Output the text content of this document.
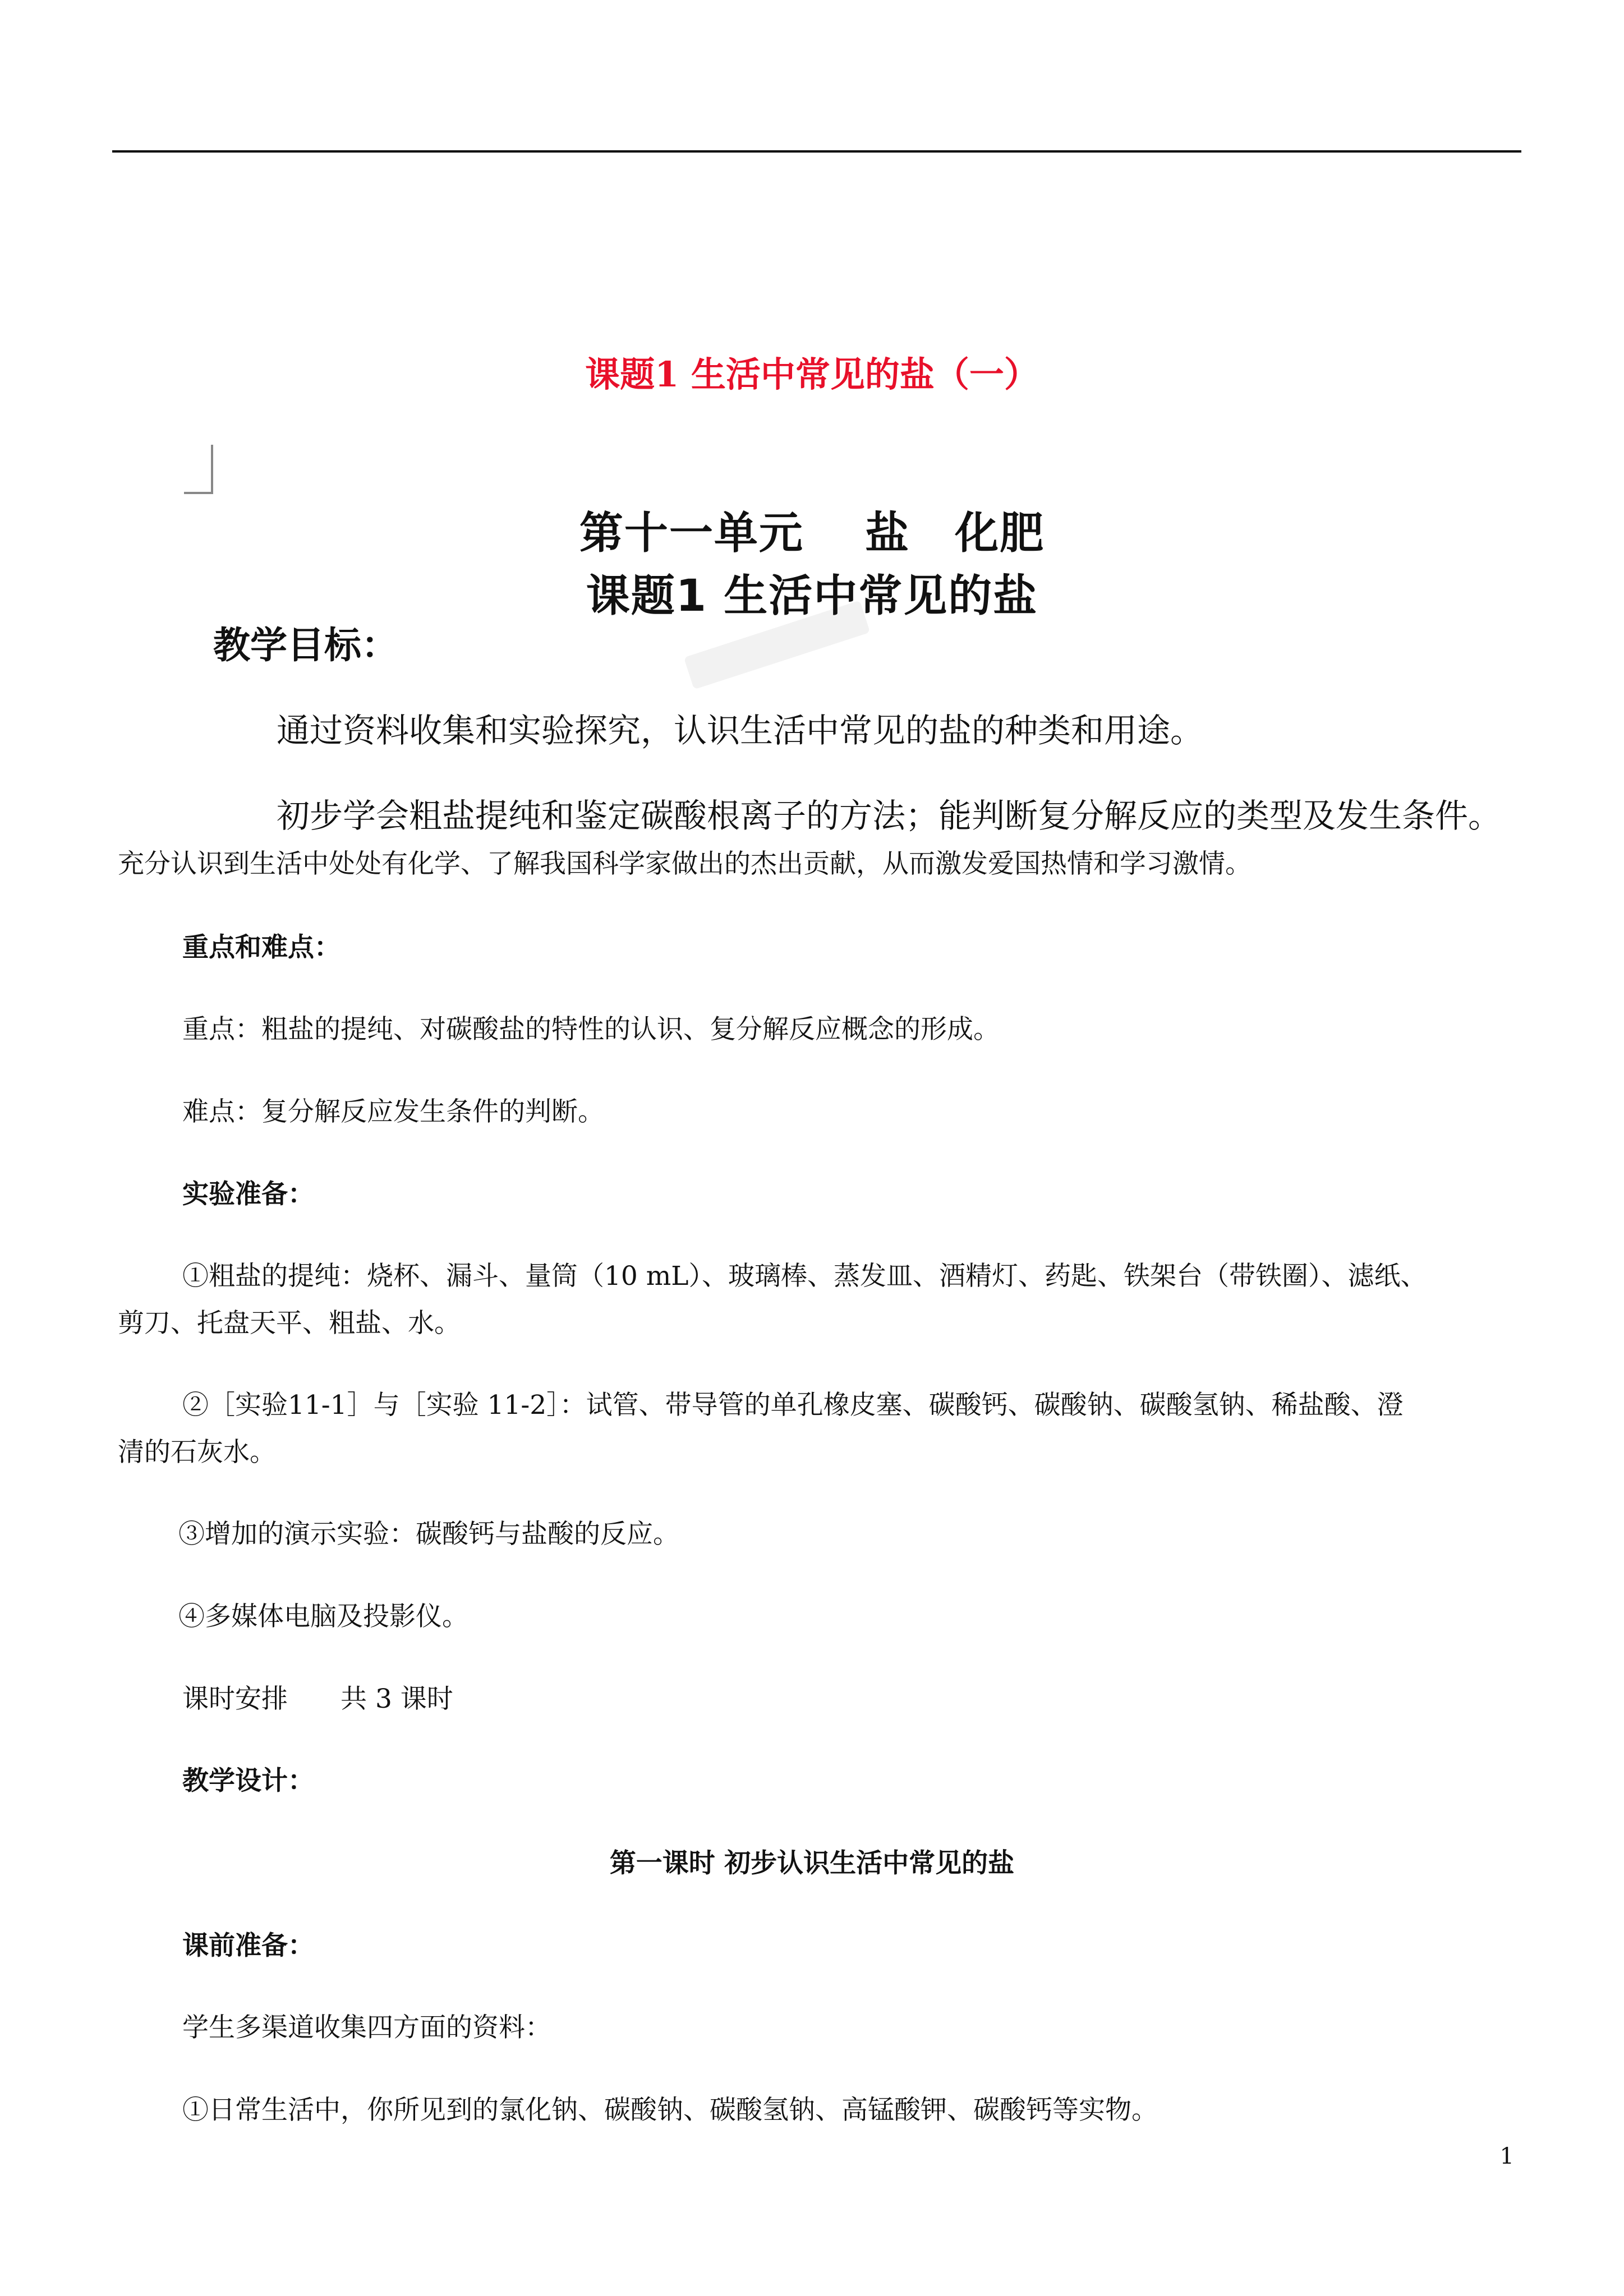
课题1 生活中常见的盐（一）
第十一单元　 盐　化肥
课题1 生活中常见的盐
教学目标：
通过资料收集和实验探究，认识生活中常见的盐的种类和用途。
初步学会粗盐提纯和鉴定碳酸根离子的方法；能判断复分解反应的类型及发生条件。
充分认识到生活中处处有化学、了解我国科学家做出的杰出贡献，从而激发爱国热情和学习激情。
重点和难点：
重点：粗盐的提纯、对碳酸盐的特性的认识、复分解反应概念的形成。
难点：复分解反应发生条件的判断。
实验准备：
①粗盐的提纯：烧杯、漏斗、量筒（10 mL）、玻璃棒、蒸发皿、酒精灯、药匙、铁架台（带铁圈）、滤纸、
剪刀、托盘天平、粗盐、水。
②［实验11-1］与［实验 11-2］：试管、带导管的单孔橡皮塞、碳酸钙、碳酸钠、碳酸氢钠、稀盐酸、澄
清的石灰水。
③增加的演示实验：碳酸钙与盐酸的反应。
④多媒体电脑及投影仪。
课时安排　　共 3 课时
教学设计：
第一课时 初步认识生活中常见的盐
课前准备：
学生多渠道收集四方面的资料：
①日常生活中，你所见到的氯化钠、碳酸钠、碳酸氢钠、高锰酸钾、碳酸钙等实物。
1
